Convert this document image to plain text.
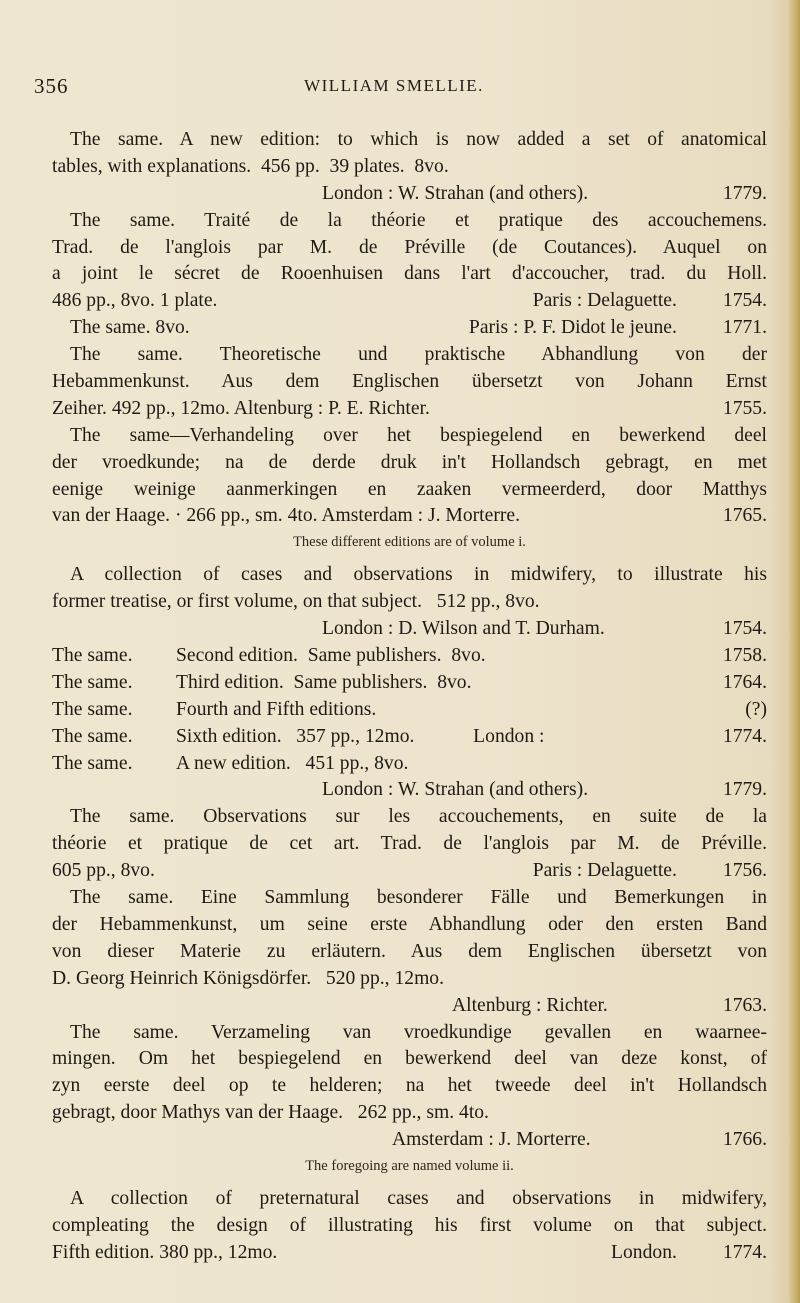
356	WILLIAM SMELLIE.
The same. A new edition: to which is now added a set of anatomical
tables, with explanations.  456 pp.  39 plates.  8vo.
London : W. Strahan (and others).	1779.
The same. Traité de la théorie et pratique des accouchemens.
Trad. de l'anglois par M. de Préville (de Coutances). Auquel on
a joint le sécret de Rooenhuisen dans l'art d'accoucher, trad. du Holl.
486 pp., 8vo. 1 plate.	Paris : Delaguette. 1754.
The same. 8vo.	Paris : P. F. Didot le jeune. 1771.
The same. Theoretische und praktische Abhandlung von der
Hebammenkunst. Aus dem Englischen übersetzt von Johann Ernst
Zeiher. 492 pp., 12mo. Altenburg : P. E. Richter.	1755.
The same—Verhandeling over het bespiegelend en bewerkend deel
der vroedkunde; na de derde druk in't Hollandsch gebragt, en met
eenige weinige aanmerkingen en zaaken vermeerderd, door Matthys
van der Haage. · 266 pp., sm. 4to. Amsterdam : J. Morterre.	1765.
These different editions are of volume i.
A collection of cases and observations in midwifery, to illustrate his
former treatise, or first volume, on that subject.   512 pp., 8vo.
London : D. Wilson and T. Durham.	1754.
The same.	Second edition.  Same publishers.  8vo.	1758.
The same.	Third edition.  Same publishers.  8vo.	1764.
The same.	Fourth and Fifth editions.	(?)
The same.	Sixth edition.   357 pp., 12mo.            London :	1774.
The same.	A new edition.   451 pp., 8vo.
London : W. Strahan (and others).	1779.
The same. Observations sur les accouchements, en suite de la
théorie et pratique de cet art. Trad. de l'anglois par M. de Préville.
605 pp., 8vo.	Paris : Delaguette. 1756.
The same. Eine Sammlung besonderer Fälle und Bemerkungen in
der Hebammenkunst, um seine erste Abhandlung oder den ersten Band
von dieser Materie zu erläutern. Aus dem Englischen übersetzt von
D. Georg Heinrich Königsdörfer.   520 pp., 12mo.
Altenburg : Richter.	1763.
The same. Verzameling van vroedkundige gevallen en waarnee-
mingen. Om het bespiegelend en bewerkend deel van deze konst, of
zyn eerste deel op te helderen; na het tweede deel in't Hollandsch
gebragt, door Mathys van der Haage.   262 pp., sm. 4to.
Amsterdam : J. Morterre.	1766.
The foregoing are named volume ii.
A collection of preternatural cases and observations in midwifery,
compleating the design of illustrating his first volume on that subject.
Fifth edition. 380 pp., 12mo.	London. 1774.
